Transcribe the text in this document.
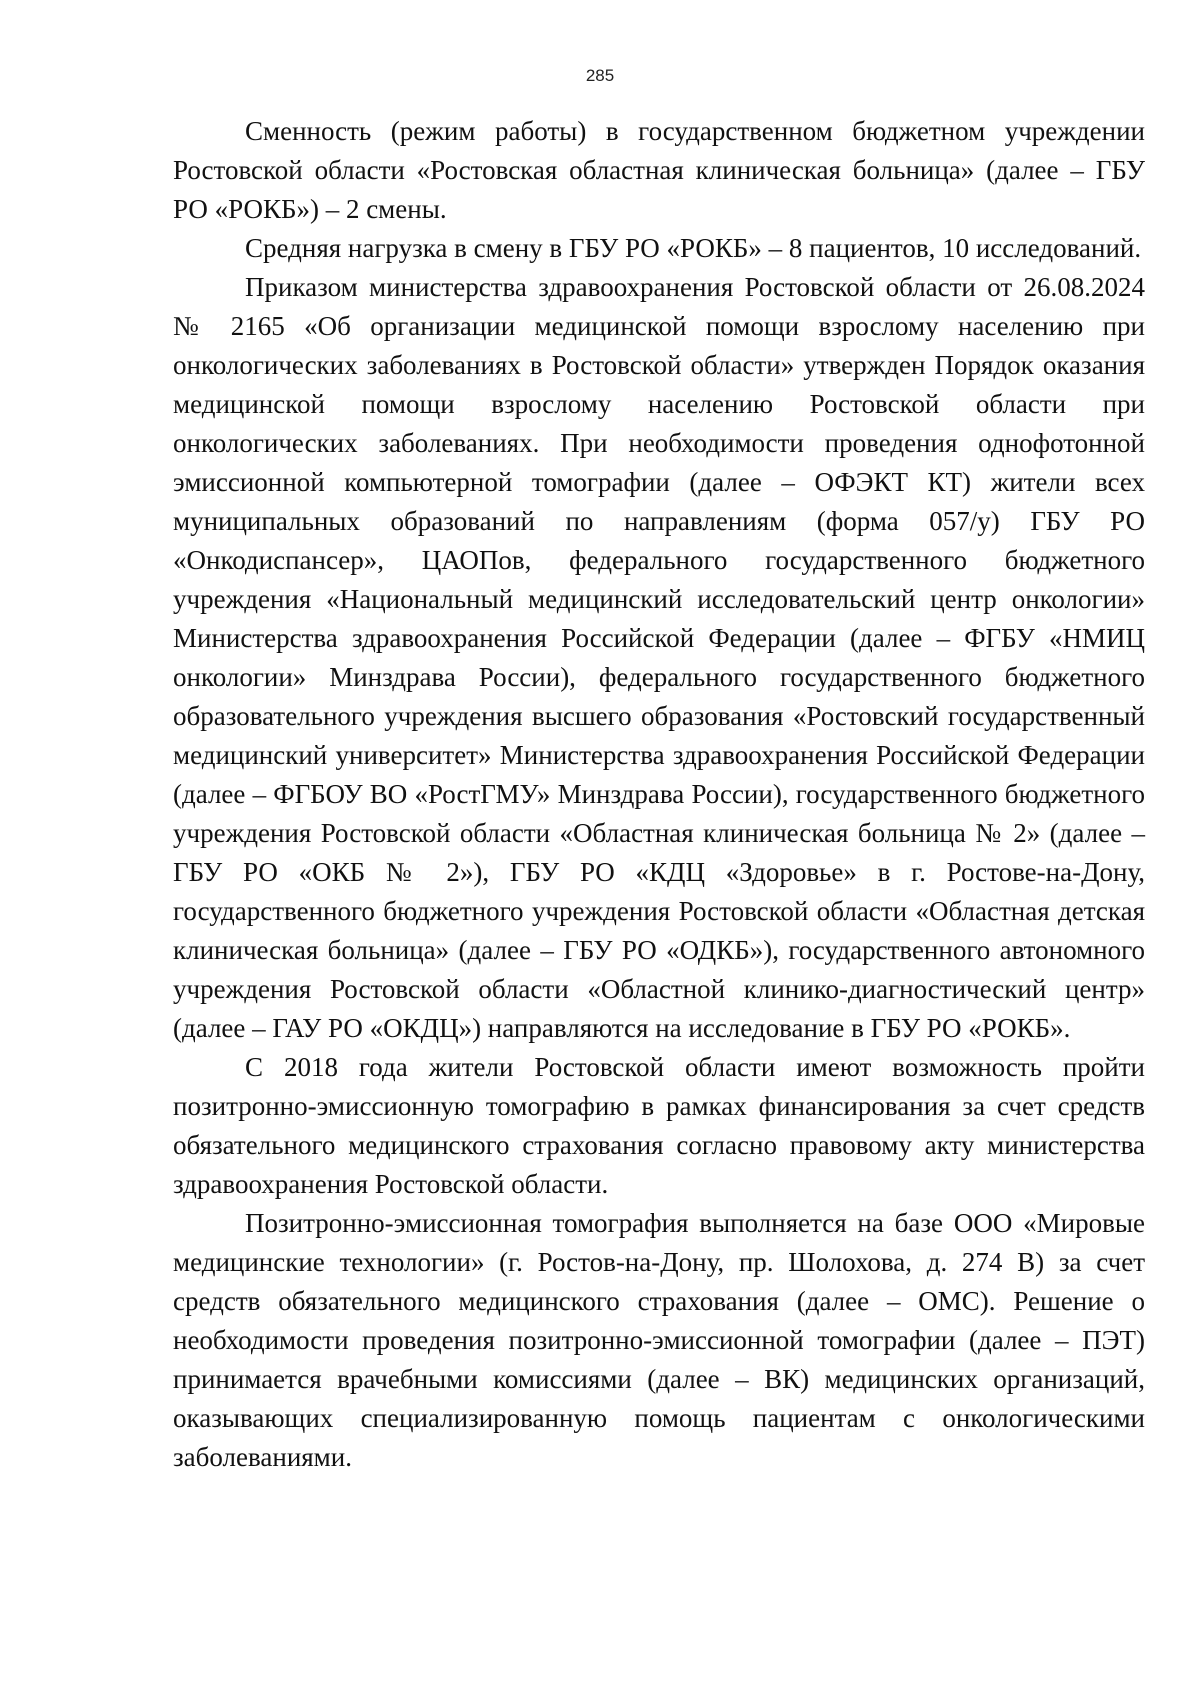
285

Сменность (режим работы) в государственном бюджетном учреждении Ростовской области «Ростовская областная клиническая больница» (далее – ГБУ РО «РОКБ») – 2 смены.

Средняя нагрузка в смену в ГБУ РО «РОКБ» – 8 пациентов, 10 исследований.

Приказом министерства здравоохранения Ростовской области от 26.08.2024 № 2165 «Об организации медицинской помощи взрослому населению при онкологических заболеваниях в Ростовской области» утвержден Порядок оказания медицинской помощи взрослому населению Ростовской области при онкологических заболеваниях. При необходимости проведения однофотонной эмиссионной компьютерной томографии (далее – ОФЭКТ КТ) жители всех муниципальных образований по направлениям (форма 057/у) ГБУ РО «Онкодиспансер», ЦАОПов, федерального государственного бюджетного учреждения «Национальный медицинский исследовательский центр онкологии» Министерства здравоохранения Российской Федерации (далее – ФГБУ «НМИЦ онкологии» Минздрава России), федерального государственного бюджетного образовательного учреждения высшего образования «Ростовский государственный медицинский университет» Министерства здравоохранения Российской Федерации (далее – ФГБОУ ВО «РостГМУ» Минздрава России), государственного бюджетного учреждения Ростовской области «Областная клиническая больница № 2» (далее – ГБУ РО «ОКБ № 2»), ГБУ РО «КДЦ «Здоровье» в г. Ростове-на-Дону, государственного бюджетного учреждения Ростовской области «Областная детская клиническая больница» (далее – ГБУ РО «ОДКБ»), государственного автономного учреждения Ростовской области «Областной клинико-диагностический центр» (далее – ГАУ РО «ОКДЦ») направляются на исследование в ГБУ РО «РОКБ».

С 2018 года жители Ростовской области имеют возможность пройти позитронно-эмиссионную томографию в рамках финансирования за счет средств обязательного медицинского страхования согласно правовому акту министерства здравоохранения Ростовской области.

Позитронно-эмиссионная томография выполняется на базе ООО «Мировые медицинские технологии» (г. Ростов-на-Дону, пр. Шолохова, д. 274 В) за счет средств обязательного медицинского страхования (далее – ОМС). Решение о необходимости проведения позитронно-эмиссионной томографии (далее – ПЭТ) принимается врачебными комиссиями (далее – ВК) медицинских организаций, оказывающих специализированную помощь пациентам с онкологическими заболеваниями.
